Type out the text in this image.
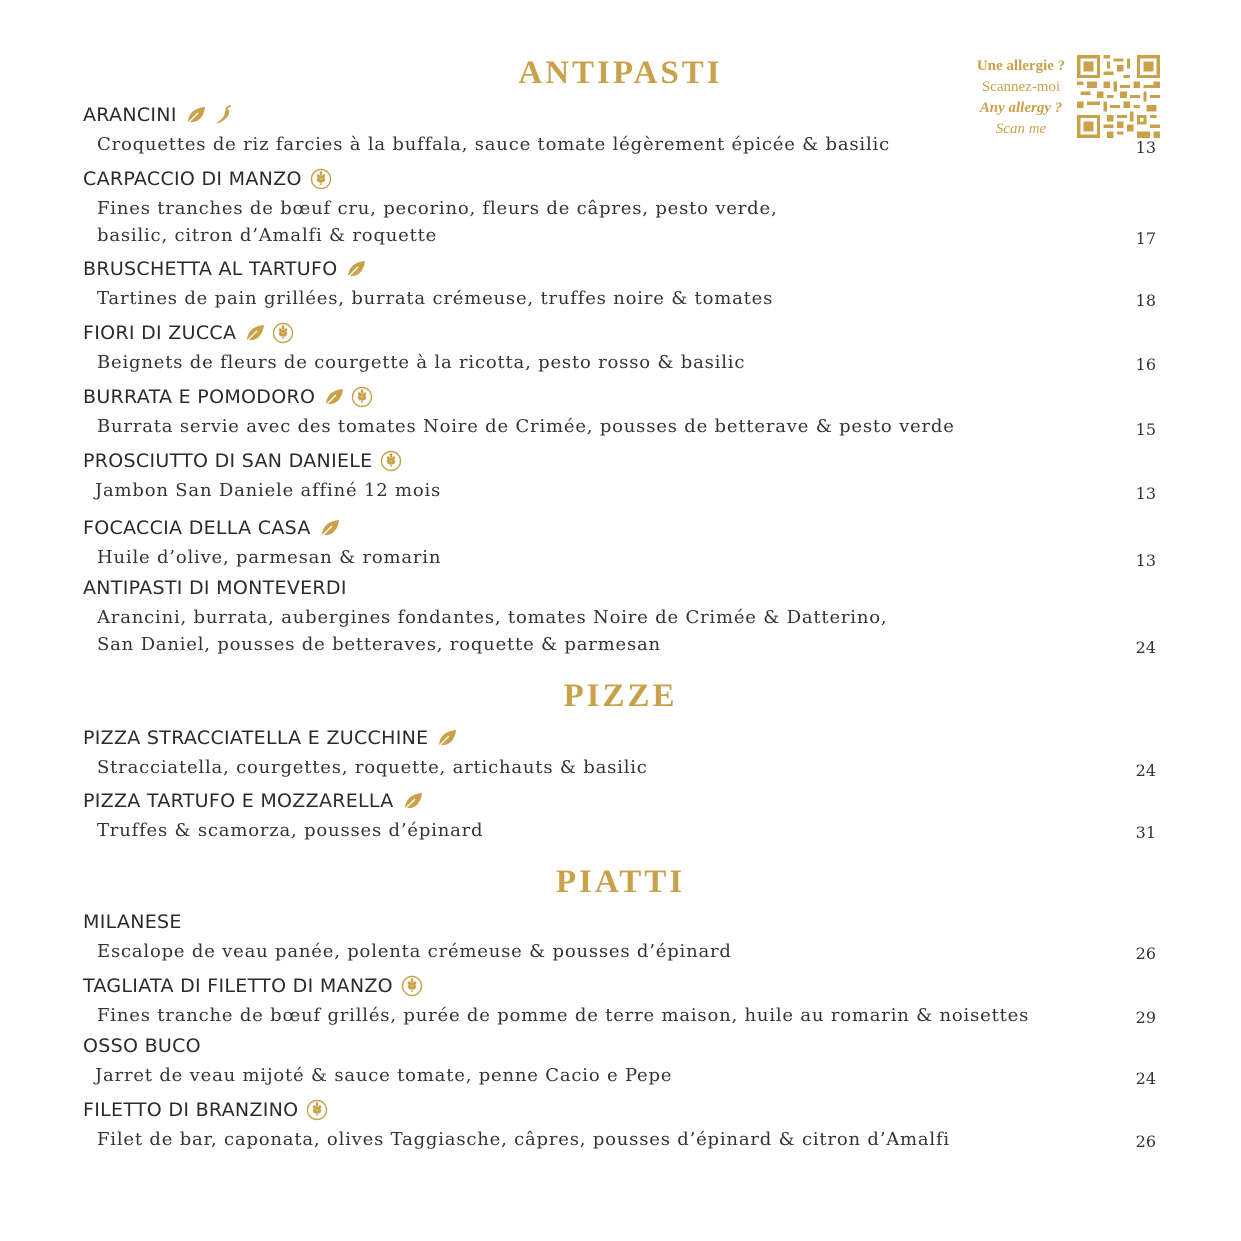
Une allergie ?
Scannez-moi
Any allergy ?
Scan me
ANTIPASTI
PIZZE
PIATTI
ARANCINI

Croquettes de riz farcies à la buffala, sauce tomate légèrement épicée & basilic	13

CARPACCIO DI MANZO

Fines tranches de bœuf cru, pecorino, fleurs de câpres, pesto verde,

basilic, citron d’Amalfi & roquette	17

BRUSCHETTA AL TARTUFO

Tartines de pain grillées, burrata crémeuse, truffes noire & tomates	18

FIORI DI ZUCCA

Beignets de fleurs de courgette à la ricotta, pesto rosso & basilic	16

BURRATA E POMODORO

Burrata servie avec des tomates Noire de Crimée, pousses de betterave & pesto verde	15

PROSCIUTTO DI SAN DANIELE

Jambon San Daniele affiné 12 mois	13

FOCACCIA DELLA CASA

Huile d’olive, parmesan & romarin	13

ANTIPASTI DI MONTEVERDI

Arancini, burrata, aubergines fondantes, tomates Noire de Crimée & Datterino,

San Daniel, pousses de betteraves, roquette & parmesan	24

PIZZA STRACCIATELLA E ZUCCHINE

Stracciatella, courgettes, roquette, artichauts & basilic	24

PIZZA TARTUFO E MOZZARELLA

Truffes & scamorza, pousses d’épinard	31

MILANESE

Escalope de veau panée, polenta crémeuse & pousses d’épinard	26

TAGLIATA DI FILETTO DI MANZO

Fines tranche de bœuf grillés, purée de pomme de terre maison, huile au romarin & noisettes	29

OSSO BUCO

Jarret de veau mijoté & sauce tomate, penne Cacio e Pepe	24

FILETTO DI BRANZINO

Filet de bar, caponata, olives Taggiasche, câpres, pousses d’épinard & citron d’Amalfi	26
